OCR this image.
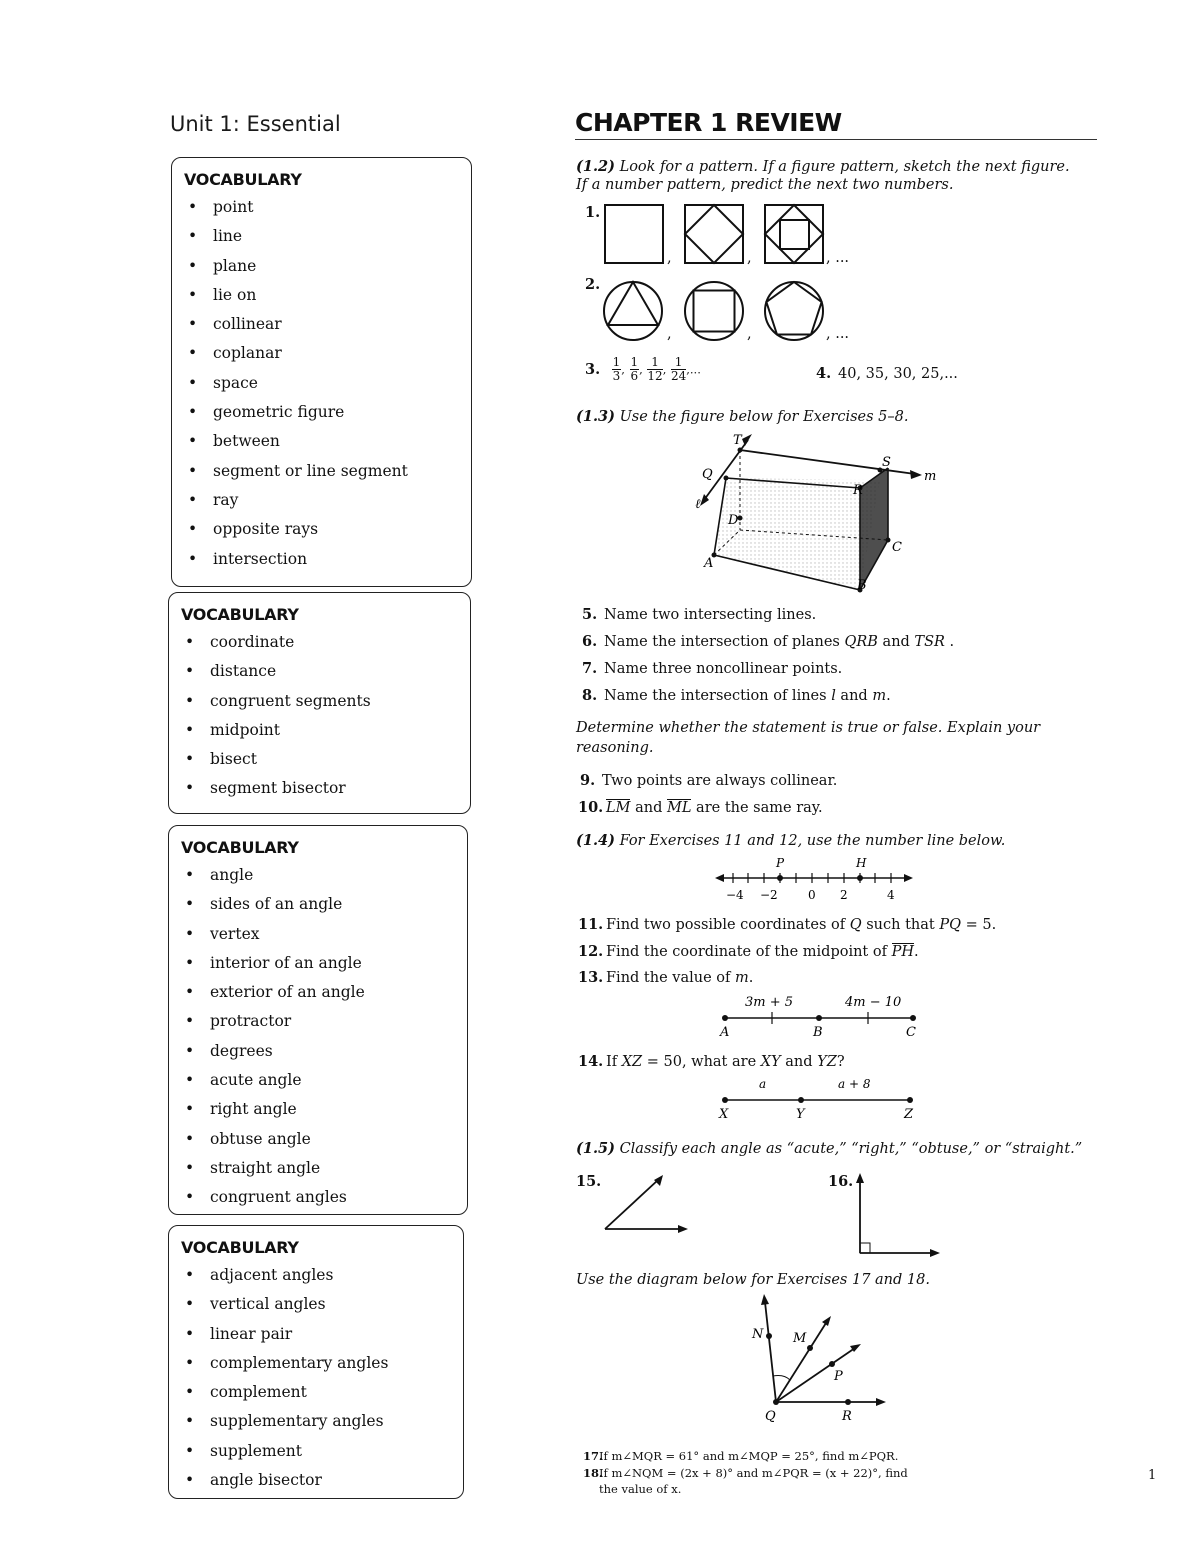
Unit 1: Essential
VOCABULARY
• point
• line
• plane
• lie on
• collinear
• coplanar
• space
• geometric figure
• between
• segment or line segment
• ray
• opposite rays
• intersection
VOCABULARY
• coordinate
• distance
• congruent segments
• midpoint
• bisect
• segment bisector
VOCABULARY
• angle
• sides of an angle
• vertex
• interior of an angle
• exterior of an angle
• protractor
• degrees
• acute angle
• right angle
• obtuse angle
• straight angle
• congruent angles
VOCABULARY
• adjacent angles
• vertical angles
• linear pair
• complementary angles
• complement
• supplementary angles
• supplement
• angle bisector
CHAPTER 1 REVIEW
(1.2) Look for a pattern. If a figure pattern, sketch the next figure.
If a number pattern, predict the next two numbers.
1.
,	,	, ...
2.
,	,	, ...
3. $\frac{1}{3}$ , $\frac{1}{6}$ , $\frac{1}{12}$ , $\frac{1}{24}$ ,...	4. 40, 35, 30, 25,...
(1.3) Use the figure below for Exercises 5–8.
T
Q
S
m
R
ℓ
D
C
A
B
5. Name two intersecting lines.
6. Name the intersection of planes QRB and TSR .
7. Name three noncollinear points.
8. Name the intersection of lines l and m.
Determine whether the statement is true or false. Explain your
reasoning.
9. Two points are always collinear.
10. LM and ML are the same ray.
(1.4) For Exercises 11 and 12, use the number line below.
P	H
−4 −2	0 2	4
11. Find two possible coordinates of Q such that PQ = 5.
12. Find the coordinate of the midpoint of PH.
13. Find the value of m.
3m + 5	4m − 10
A	B	C
14. If XZ = 50, what are XY and YZ?
a	a + 8
X	Y	Z
(1.5) Classify each angle as “acute,” “right,” “obtuse,” or “straight.”
15.	16.
Use the diagram below for Exercises 17 and 18.
N M
P
Q	R
17.If m∠MQR = 61° and m∠MQP = 25°, find m∠PQR.
18.If m∠NQM = (2x + 8)° and m∠PQR = (x + 22)°, find
the value of x.
1
